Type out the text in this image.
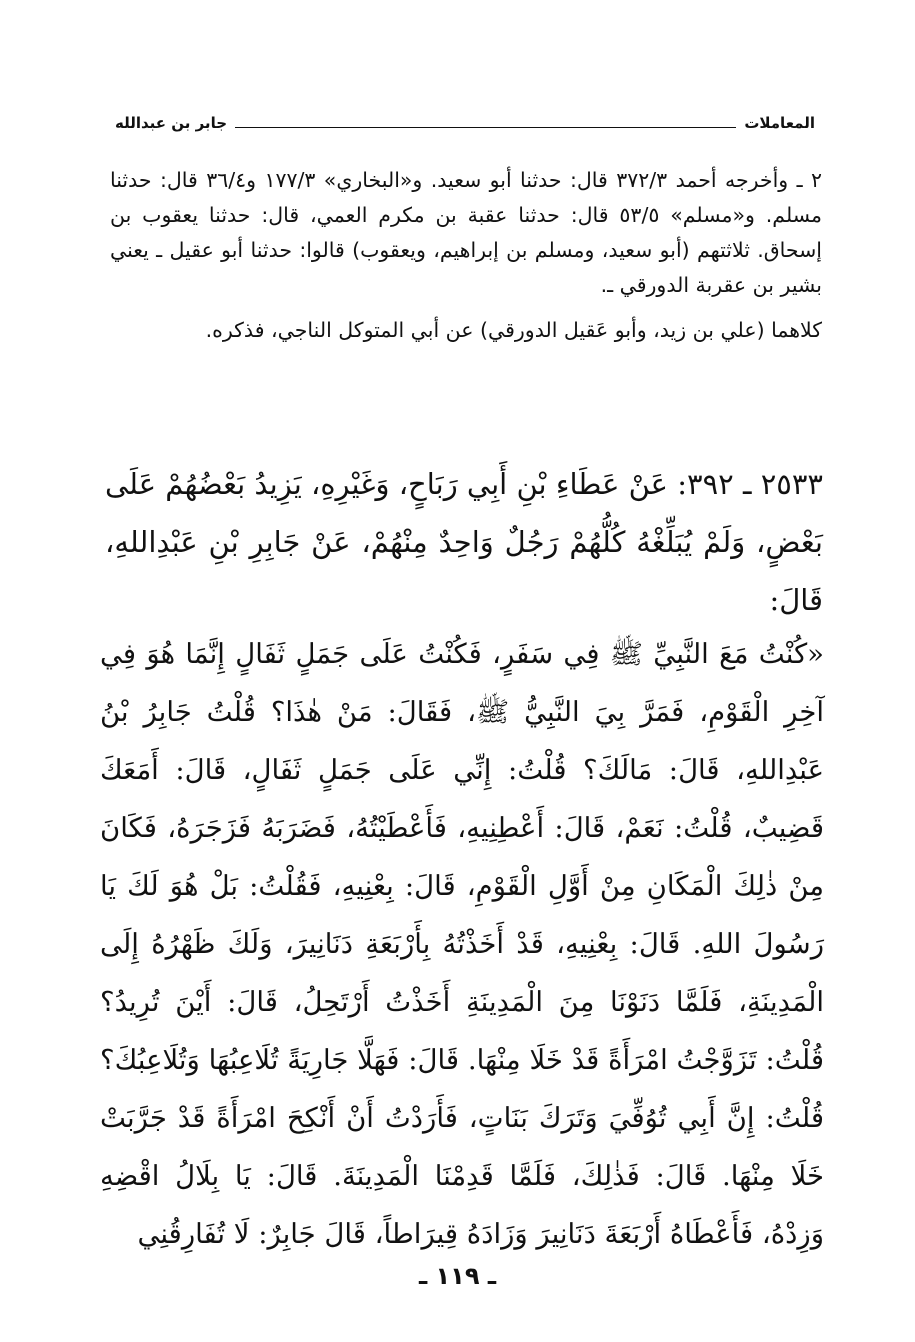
المعاملات
جابر بن عبدالله

٢ ـ وأخرجه أحمد ٣٧٢/٣ قال: حدثنا أبو سعيد. و«البخاري» ١٧٧/٣ و٣٦/٤ قال: حدثنا مسلم. و«مسلم» ٥٣/٥ قال: حدثنا عقبة بن مكرم العمي، قال: حدثنا يعقوب بن إسحاق. ثلاثتهم (أبو سعيد، ومسلم بن إبراهيم، ويعقوب) قالوا: حدثنا أبو عقيل ـ يعني بشير بن عقربة الدورقي ـ.

كلاهما (علي بن زيد، وأبو عَقيل الدورقي) عن أبي المتوكل الناجي، فذكره.

٢٥٣٣ ـ ٣٩٢: عَنْ عَطَاءِ بْنِ أَبِي رَبَاحٍ، وَغَيْرِهِ، يَزِيدُ بَعْضُهُمْ عَلَى بَعْضٍ، وَلَمْ يُبَلِّغْهُ كُلُّهُمْ رَجُلٌ وَاحِدٌ مِنْهُمْ، عَنْ جَابِرِ بْنِ عَبْدِاللهِ، قَالَ:

«كُنْتُ مَعَ النَّبِيِّ ﷺ فِي سَفَرٍ، فَكُنْتُ عَلَى جَمَلٍ ثَفَالٍ إِنَّمَا هُوَ فِي آخِرِ الْقَوْمِ، فَمَرَّ بِيَ النَّبِيُّ ﷺ، فَقَالَ: مَنْ هٰذَا؟ قُلْتُ جَابِرُ بْنُ عَبْدِاللهِ، قَالَ: مَالَكَ؟ قُلْتُ: إِنِّي عَلَى جَمَلٍ ثَفَالٍ، قَالَ: أَمَعَكَ قَضِيبٌ، قُلْتُ: نَعَمْ، قَالَ: أَعْطِنِيهِ، فَأَعْطَيْتُهُ، فَضَرَبَهُ فَزَجَرَهُ، فَكَانَ مِنْ ذٰلِكَ الْمَكَانِ مِنْ أَوَّلِ الْقَوْمِ، قَالَ: بِعْنِيهِ، فَقُلْتُ: بَلْ هُوَ لَكَ يَا رَسُولَ اللهِ. قَالَ: بِعْنِيهِ، قَدْ أَخَذْتُهُ بِأَرْبَعَةِ دَنَانِيرَ، وَلَكَ ظَهْرُهُ إِلَى الْمَدِينَةِ، فَلَمَّا دَنَوْنَا مِنَ الْمَدِينَةِ أَخَذْتُ أَرْتَحِلُ، قَالَ: أَيْنَ تُرِيدُ؟ قُلْتُ: تَزَوَّجْتُ امْرَأَةً قَدْ خَلَا مِنْهَا. قَالَ: فَهَلَّا جَارِيَةً تُلَاعِبُهَا وَتُلَاعِبُكَ؟ قُلْتُ: إِنَّ أَبِي تُوُفِّيَ وَتَرَكَ بَنَاتٍ، فَأَرَدْتُ أَنْ أَنْكِحَ امْرَأَةً قَدْ جَرَّبَتْ خَلَا مِنْهَا. قَالَ: فَذٰلِكَ، فَلَمَّا قَدِمْنَا الْمَدِينَةَ. قَالَ: يَا بِلَالُ اقْضِهِ وَزِدْهُ، فَأَعْطَاهُ أَرْبَعَةَ دَنَانِيرَ وَزَادَهُ قِيرَاطاً، قَالَ جَابِرٌ: لَا تُفَارِقُنِي

ـ ١١٩ ـ
